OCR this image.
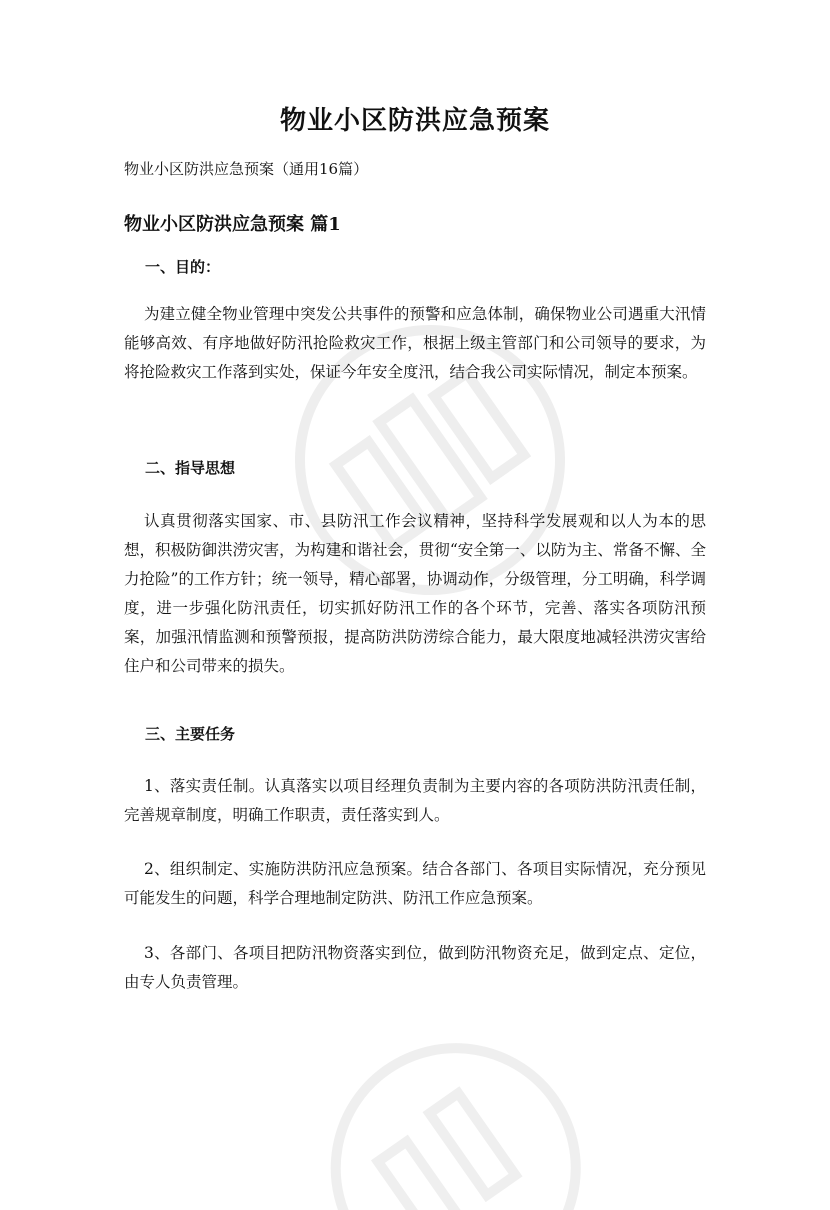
物业小区防洪应急预案
物业小区防洪应急预案（通用16篇）
物业小区防洪应急预案 篇1
一、目的：

为建立健全物业管理中突发公共事件的预警和应急体制，确保物业公司遇重大汛情能够高效、有序地做好防汛抢险救灾工作，根据上级主管部门和公司领导的要求，为将抢险救灾工作落到实处，保证今年安全度汛，结合我公司实际情况，制定本预案。

二、指导思想

认真贯彻落实国家、市、县防汛工作会议精神，坚持科学发展观和以人为本的思想，积极防御洪涝灾害，为构建和谐社会，贯彻“安全第一、以防为主、常备不懈、全力抢险”的工作方针；统一领导，精心部署，协调动作，分级管理，分工明确，科学调度，进一步强化防汛责任，切实抓好防汛工作的各个环节，完善、落实各项防汛预案，加强汛情监测和预警预报，提高防洪防涝综合能力，最大限度地减轻洪涝灾害给住户和公司带来的损失。

三、主要任务

1、落实责任制。认真落实以项目经理负责制为主要内容的各项防洪防汛责任制，完善规章制度，明确工作职责，责任落实到人。

2、组织制定、实施防洪防汛应急预案。结合各部门、各项目实际情况，充分预见可能发生的问题，科学合理地制定防洪、防汛工作应急预案。

3、各部门、各项目把防汛物资落实到位，做到防汛物资充足，做到定点、定位，由专人负责管理。
